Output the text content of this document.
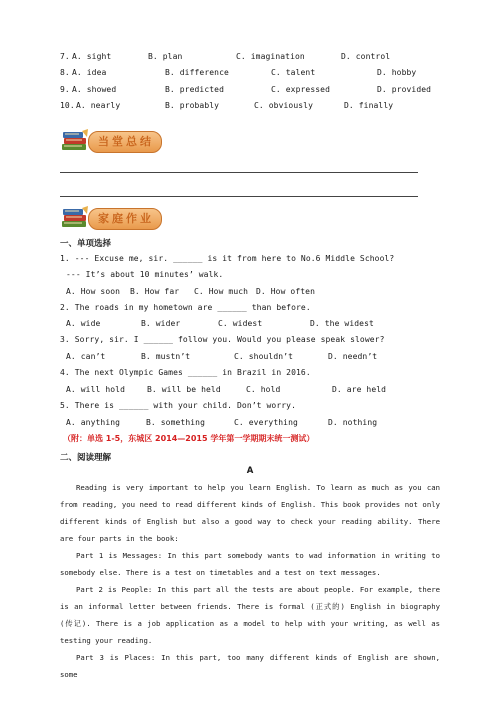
7. A. sight	B. plan	C. imagination	D. control
8. A. idea	B. difference	C. talent	D. hobby
9. A. showed	B. predicted	C. expressed	D. provided
10. A. nearly	B. probably	C. obviously	D. finally
当堂总结
家庭作业
一、单项选择
1. --- Excuse me, sir. ______ is it from here to No.6 Middle School?
--- It’s about 10 minutes’ walk.
A. How soon B. How far C. How much D. How often
2. The roads in my hometown are ______ than before.
A. wide	B. wider	C. widest	D. the widest
3. Sorry, sir. I ______ follow you. Would you please speak slower?
A. can’t	B. mustn’t	C. shouldn’t	D. needn’t
4. The next Olympic Games ______ in Brazil in 2016.
A. will hold	B. will be held	C. hold	D. are held
5. There is ______ with your child. Don’t worry.
A. anything	B. something	C. everything	D. nothing
（附：单选 1-5，东城区 2014—2015 学年第一学期期末统一测试）
二、阅读理解
A

Reading is very important to help you learn English. To learn as much as you can from reading, you need to read different kinds of English. This book provides not only different kinds of English but also a good way to check your reading ability. There are four parts in the book:

Part 1 is Messages: In this part somebody wants to wad information in writing to somebody else. There is a test on timetables and a test on text messages.

Part 2 is People: In this part all the tests are about people. For example, there is an informal letter between friends. There is formal (正式的) English in biography (传记). There is a job application as a model to help with your writing, as well as testing your reading.

Part 3 is Places: In this part, too many different kinds of English are shown, some
